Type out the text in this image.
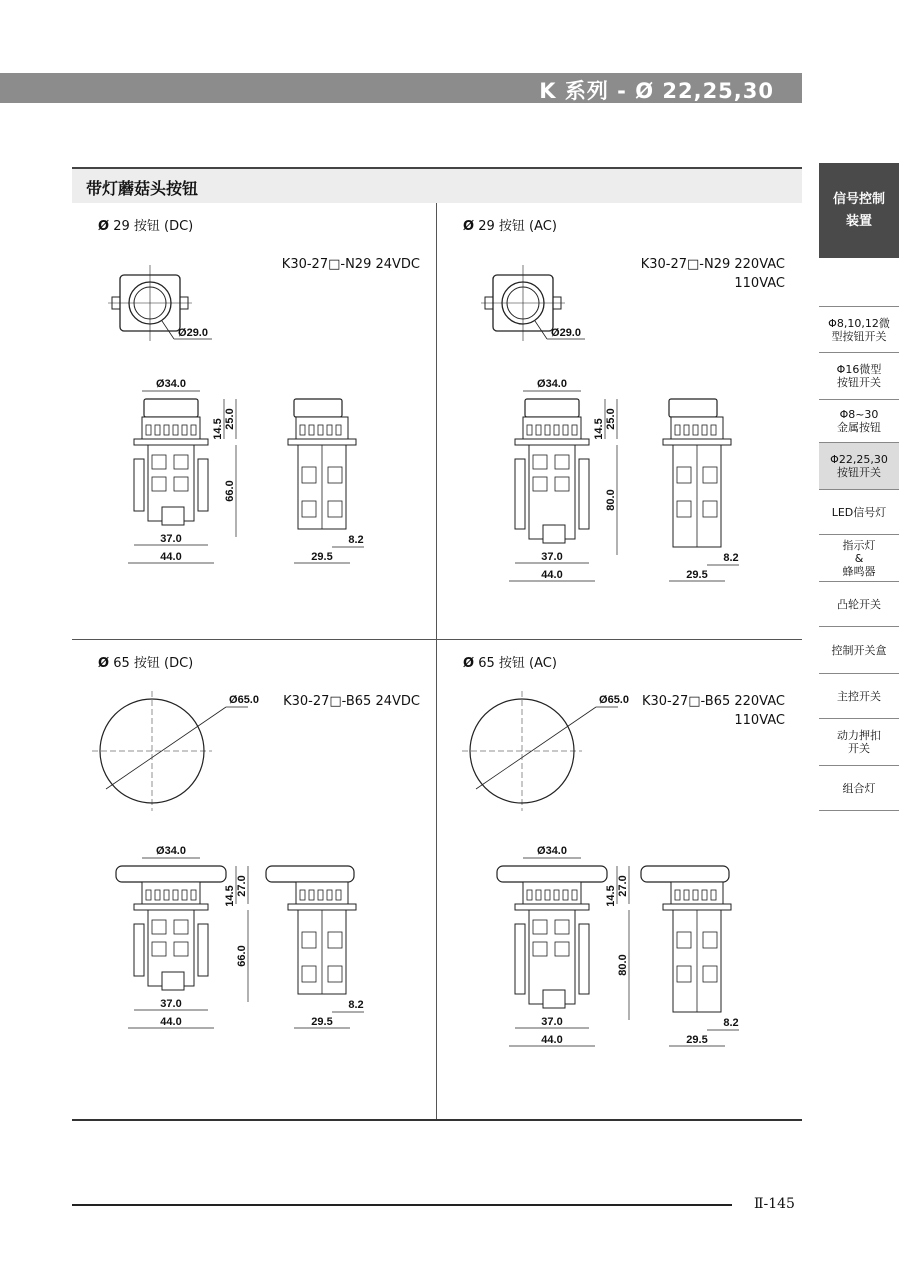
K 系列 - Ø 22,25,30
带灯蘑菇头按钮
Ø 29 按钮 (DC)
K30-27□-N29 24VDC
Ø29.0
37.0
44.0
Ø34.0
14.5 25.0
66.0
29.5
8.2
Ø 29 按钮 (AC)
K30-27□-N29 220VAC
110VAC
Ø29.0
37.0
44.0
Ø34.0
14.5 25.0
80.0
29.5
8.2
Ø 65 按钮 (DC)
K30-27□-B65 24VDC
Ø65.0
37.0
44.0
Ø34.0
14.5 27.0
66.0
29.5
8.2
Ø 65 按钮 (AC)
K30-27□-B65 220VAC
110VAC
Ø65.0
37.0
44.0
Ø34.0
14.5 27.0
80.0
29.5
8.2
信号控制
装置
Φ8,10,12微
型按钮开关
Φ16微型
按钮开关
Φ8~30
金属按钮
Φ22,25,30
按钮开关
LED信号灯
指示灯
&
蜂鸣器
凸轮开关
控制开关盒
主控开关
动力押扣
开关
组合灯
Ⅱ-145
